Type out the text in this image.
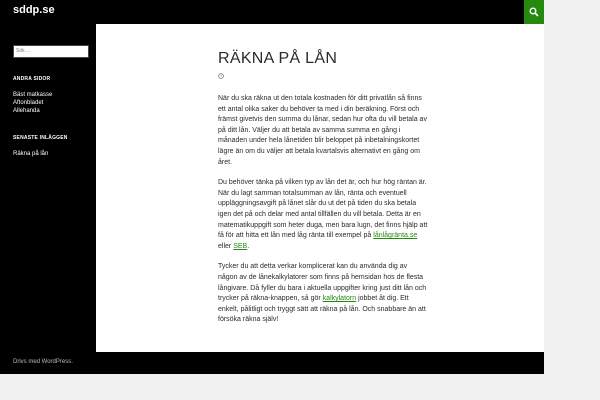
sddp.se
Sök ...
ANDRA SIDOR
Bäst matkasse
Aftonbladet
Allehanda
SENASTE INLÄGGEN
Räkna på lån
RÄKNA PÅ LÅN

När du ska räkna ut den totala kostnaden för ditt privatlån så finns ett antal olika saker du behöver ta med i din beräkning. Först och främst givetvis den summa du lånar, sedan hur ofta du vill betala av på ditt lån. Väljer du att betala av samma summa en gång i månaden under hela lånetiden blir beloppet på inbetalningskortet lägre än om du väljer att betala kvartalsvis alternativt en gång om året.

Du behöver tänka på vilken typ av lån det är, och hur hög räntan är. När du lagt samman totalsumman av lån, ränta och eventuell uppläggningsavgift på lånet slår du ut det på tiden du ska betala igen det på och delar med antal tillfällen du vill betala. Detta är en matematikuppgift som heter duga, men bara lugn, det finns hjälp att få för att hitta ett lån med låg ränta till exempel på lånlågränta.se eller SEB.

Tycker du att detta verkar komplicerat kan du använda dig av någon av de lånekalkylatorer som finns på hemsidan hos de flesta långivare. Då fyller du bara i aktuella uppgifter kring just ditt lån och trycker på räkna-knappen, så gör kalkylatorn jobbet åt dig. Ett enkelt, pålitligt och tryggt sätt att räkna på lån. Och snabbare än att försöka räkna själv!

Drivs med WordPress.
